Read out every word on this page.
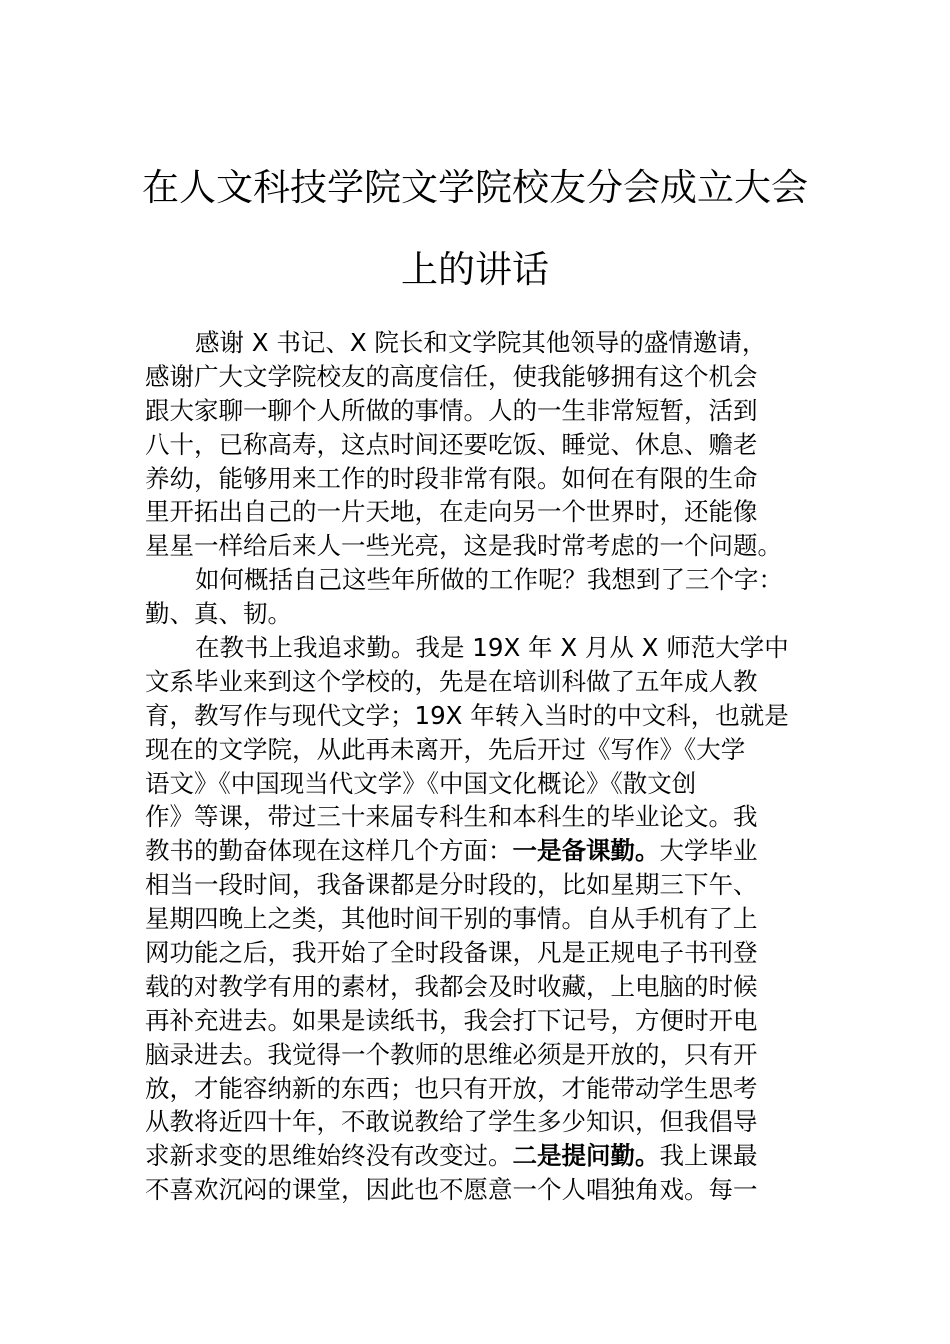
在人文科技学院文学院校友分会成立大会
上的讲话
感谢 X 书记、X 院长和文学院其他领导的盛情邀请，
感谢广大文学院校友的高度信任，使我能够拥有这个机会
跟大家聊一聊个人所做的事情。人的一生非常短暂，活到
八十，已称高寿，这点时间还要吃饭、睡觉、休息、赡老
养幼，能够用来工作的时段非常有限。如何在有限的生命
里开拓出自己的一片天地，在走向另一个世界时，还能像
星星一样给后来人一些光亮，这是我时常考虑的一个问题。
如何概括自己这些年所做的工作呢？我想到了三个字：
勤、真、韧。
在教书上我追求勤。我是 19X 年 X 月从 X 师范大学中
文系毕业来到这个学校的，先是在培训科做了五年成人教
育，教写作与现代文学；19X 年转入当时的中文科，也就是
现在的文学院，从此再未离开，先后开过《写作》《大学
语文》《中国现当代文学》《中国文化概论》《散文创
作》等课，带过三十来届专科生和本科生的毕业论文。我
教书的勤奋体现在这样几个方面：一是备课勤。大学毕业
相当一段时间，我备课都是分时段的，比如星期三下午、
星期四晚上之类，其他时间干别的事情。自从手机有了上
网功能之后，我开始了全时段备课，凡是正规电子书刊登
载的对教学有用的素材，我都会及时收藏，上电脑的时候
再补充进去。如果是读纸书，我会打下记号，方便时开电
脑录进去。我觉得一个教师的思维必须是开放的，只有开
放，才能容纳新的东西；也只有开放，才能带动学生思考
从教将近四十年，不敢说教给了学生多少知识，但我倡导
求新求变的思维始终没有改变过。二是提问勤。我上课最
不喜欢沉闷的课堂，因此也不愿意一个人唱独角戏。每一
